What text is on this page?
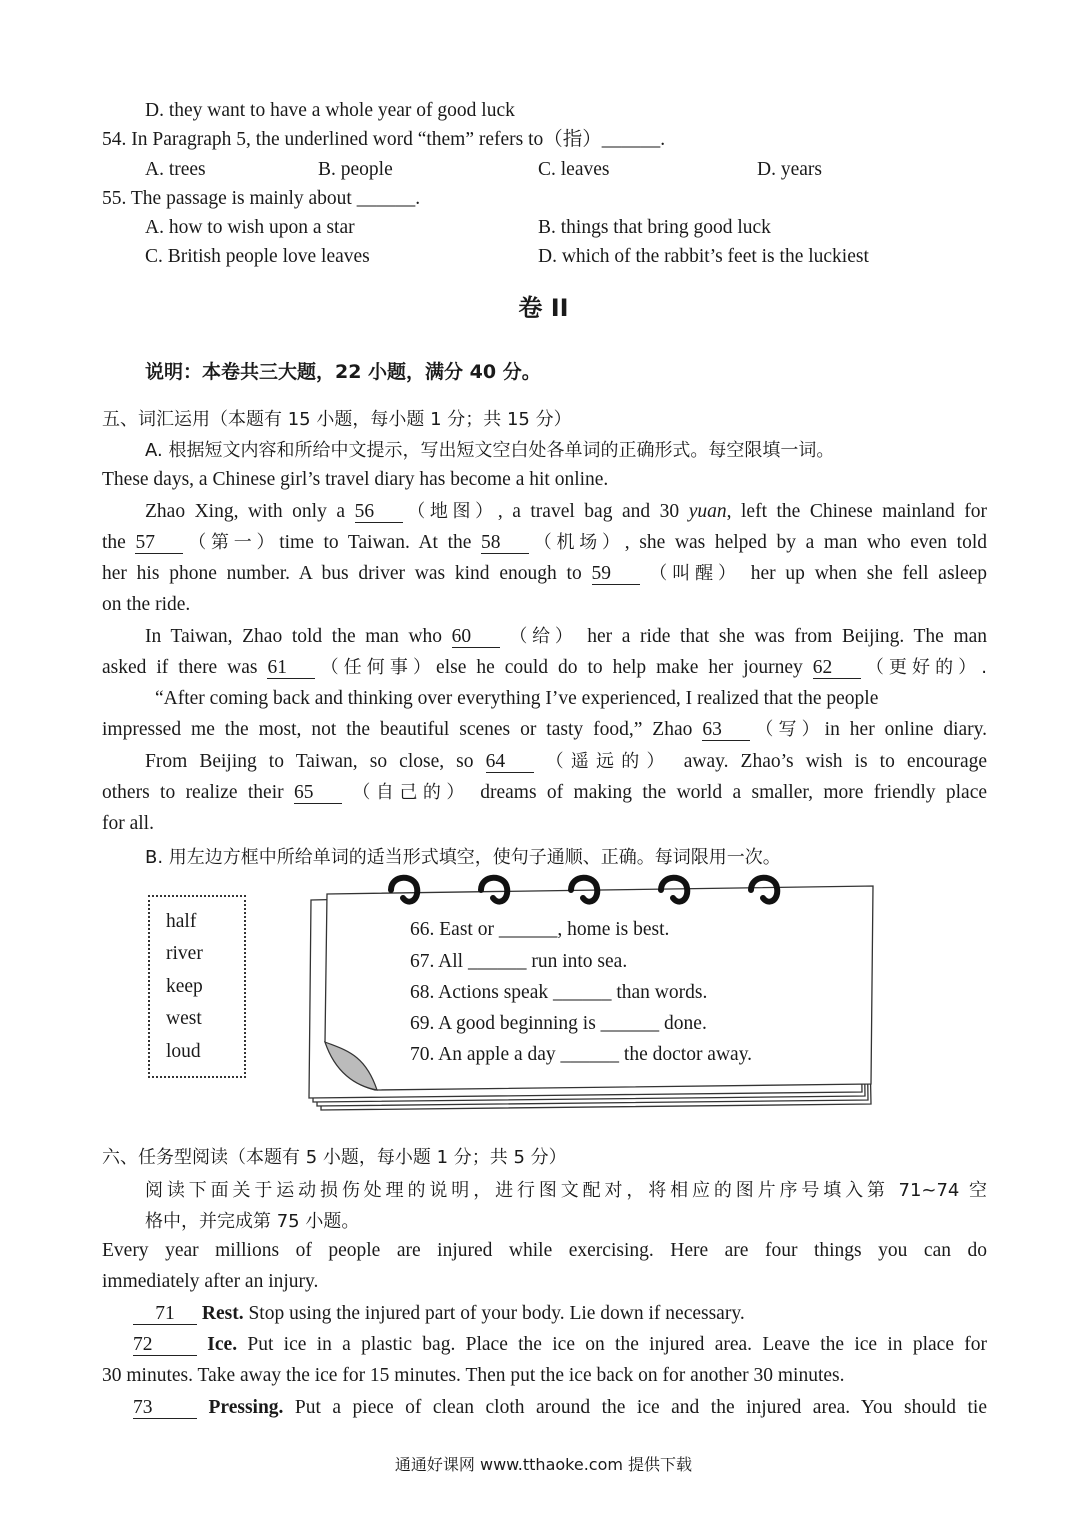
D. they want to have a whole year of good luck
54. In Paragraph 5, the underlined word “them” refers to（指）______.
A. trees	B. people	C. leaves	D. years
55. The passage is mainly about ______.
A. how to wish upon a star	B. things that bring good luck
C. British people love leaves	D. which of the rabbit’s feet is the luckiest
卷 II
说明：本卷共三大题，22 小题，满分 40 分。
五、词汇运用（本题有 15 小题，每小题 1 分；共 15 分）
A. 根据短文内容和所给中文提示，写出短文空白处各单词的正确形式。每空限填一词。
These days, a Chinese girl’s travel diary has become a hit online.
Zhao Xing, with only a 56 （地图）, a travel bag and 30 yuan, left the Chinese mainland for
the 57 （第一）time to Taiwan. At the 58 （机场）, she was helped by a man who even told
her his phone number. A bus driver was kind enough to 59 （叫醒） her up when she fell asleep
on the ride.
In Taiwan, Zhao told the man who 60 （给） her a ride that she was from Beijing. The man
asked if there was 61 （任何事）else he could do to help make her journey 62 （更好的）.
“After coming back and thinking over everything I’ve experienced, I realized that the people
impressed me the most, not the beautiful scenes or tasty food,” Zhao 63 （写）in her online diary.
From Beijing to Taiwan, so close, so 64 （遥远的） away. Zhao’s wish is to encourage
others to realize their 65 （自己的） dreams of making the world a smaller, more friendly place
for all.
B. 用左边方框中所给单词的适当形式填空，使句子通顺、正确。每词限用一次。
half
river
keep
west
loud
66. East or ______, home is best.
67. All ______ run into sea.
68. Actions speak ______ than words.
69. A good beginning is ______ done.
70. An apple a day ______ the doctor away.
六、任务型阅读（本题有 5 小题，每小题 1 分；共 5 分）
阅读下面关于运动损伤处理的说明，进行图文配对，将相应的图片序号填入第 71~74 空
格中，并完成第 75 小题。
Every year millions of people are injured while exercising. Here are four things you can do
immediately after an injury.
71 Rest. Stop using the injured part of your body. Lie down if necessary.
72	Ice. Put ice in a plastic bag. Place the ice on the injured area. Leave the ice in place for
30 minutes. Take away the ice for 15 minutes. Then put the ice back on for another 30 minutes.
73	Pressing. Put a piece of clean cloth around the ice and the injured area. You should tie
通通好课网 www.tthaoke.com 提供下载
